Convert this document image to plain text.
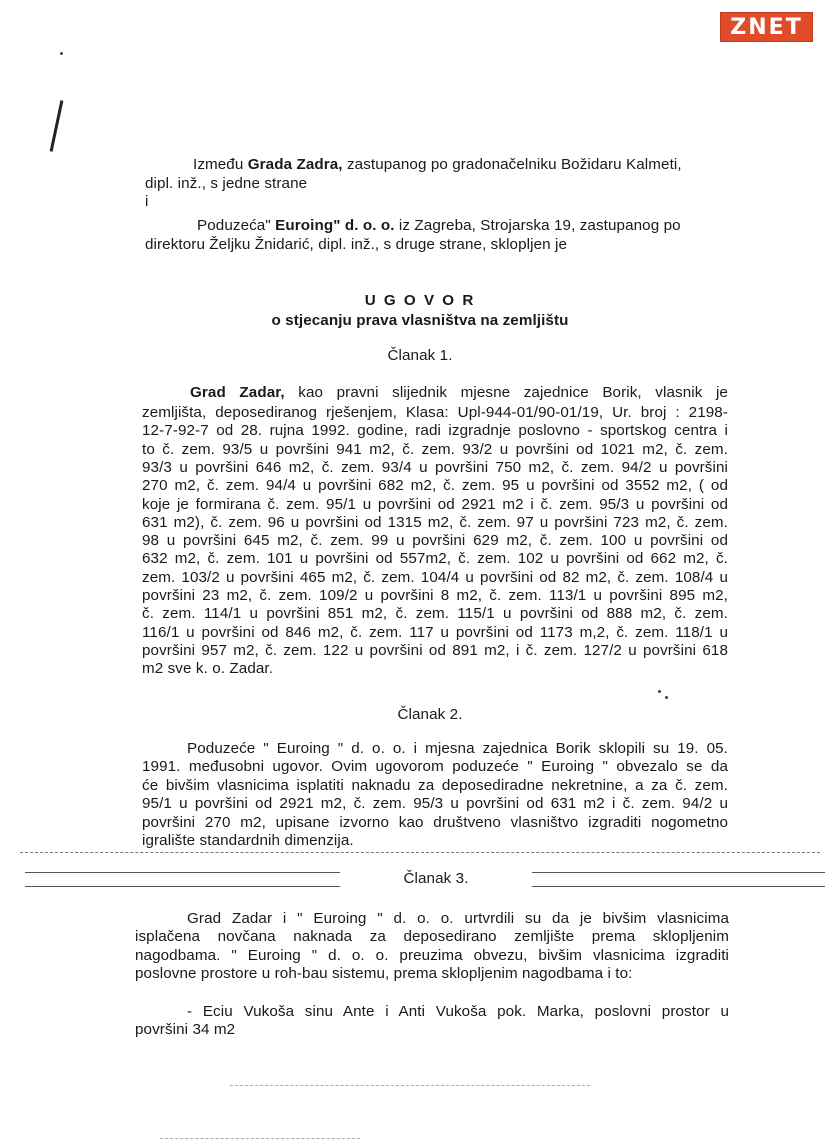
ZNET
Između Grada Zadra, zastupanog po gradonačelniku Božidaru Kalmeti,
dipl. inž., s jedne strane
i
Poduzeća" Euroing" d. o. o. iz Zagreba, Strojarska 19, zastupanog po
direktoru Željku Žnidarić, dipl. inž., s druge strane, sklopljen je
U G O V O R
o stjecanju prava vlasništva na zemljištu
Članak 1.
Grad Zadar, kao pravni slijednik mjesne zajednice Borik, vlasnik je
zemljišta, deposediranog rješenjem, Klasa: Upl-944-01/90-01/19, Ur. broj : 2198-
12-7-92-7 od 28. rujna 1992. godine, radi izgradnje poslovno - sportskog centra i
to č. zem. 93/5 u površini 941 m2, č. zem. 93/2 u površini od 1021 m2, č. zem.
93/3 u površini 646 m2, č. zem. 93/4 u površini 750 m2, č. zem. 94/2 u površini
270 m2, č. zem. 94/4 u površini 682 m2, č. zem. 95 u površini od 3552 m2, ( od
koje je formirana č. zem. 95/1 u površini od 2921 m2 i č. zem. 95/3 u površini od
631 m2), č. zem. 96 u površini od 1315 m2, č. zem. 97 u površini 723 m2, č. zem.
98 u površini 645 m2, č. zem. 99 u površini 629 m2, č. zem. 100 u površini od
632 m2, č. zem. 101 u površini od 557m2, č. zem. 102 u površini od 662 m2, č.
zem. 103/2 u površini 465 m2, č. zem. 104/4 u površini od 82 m2, č. zem. 108/4 u
površini 23 m2, č. zem. 109/2 u površini 8 m2, č. zem. 113/1 u površini 895 m2,
č. zem. 114/1 u površini 851 m2, č. zem. 115/1 u površini od 888 m2, č. zem.
116/1 u površini od 846 m2, č. zem. 117 u površini od 1173 m,2, č. zem. 118/1 u
površini 957 m2, č. zem. 122 u površini od 891 m2, i č. zem. 127/2 u površini 618
m2 sve k. o. Zadar.
Članak 2.
Poduzeće " Euroing " d. o. o. i mjesna zajednica Borik sklopili su 19. 05.
1991. međusobni ugovor. Ovim ugovorom poduzeće " Euroing " obvezalo se da
će bivšim vlasnicima isplatiti naknadu za deposediradne nekretnine, a za č. zem.
95/1 u površini od 2921 m2, č. zem. 95/3 u površini od 631 m2 i č. zem. 94/2 u
površini 270 m2, upisane izvorno kao društveno vlasništvo izgraditi nogometno
igralište standardnih dimenzija.
Članak 3.
Grad Zadar i " Euroing " d. o. o. urtvrdili su da je bivšim vlasnicima
isplačena novčana naknada za deposedirano zemljište prema sklopljenim
nagodbama. " Euroing " d. o. o. preuzima obvezu, bivšim vlasnicima izgraditi
poslovne prostore u roh-bau sistemu, prema sklopljenim nagodbama i to:
- Eciu Vukoša sinu Ante i Anti Vukoša pok. Marka, poslovni prostor u
površini 34 m2
